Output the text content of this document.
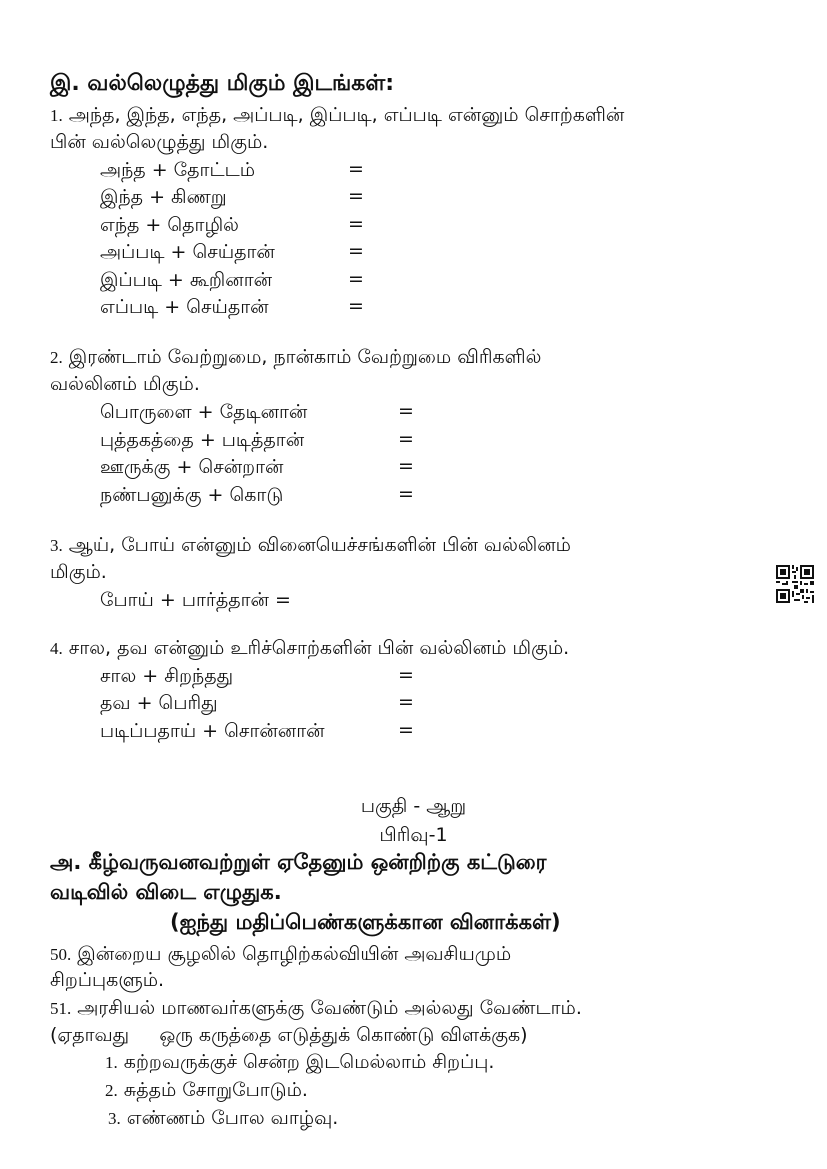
இ. வல்லெழுத்து மிகும் இடங்கள்:
1. அந்த, இந்த, எந்த, அப்படி, இப்படி, எப்படி என்னும் சொற்களின்
பின் வல்லெழுத்து மிகும்.
அந்த + தோட்டம்	=
இந்த + கிணறு	=
எந்த + தொழில்	=
அப்படி + செய்தான்	=
இப்படி + கூறினான்	=
எப்படி + செய்தான்	=
2. இரண்டாம் வேற்றுமை, நான்காம் வேற்றுமை விரிகளில்
வல்லினம் மிகும்.
பொருளை + தேடினான்	=
புத்தகத்தை + படித்தான்	=
ஊருக்கு + சென்றான்	=
நண்பனுக்கு + கொடு	=
3. ஆய், போய் என்னும் வினையெச்சங்களின் பின் வல்லினம்
மிகும்.
போய் + பார்த்தான் =
4. சால, தவ என்னும் உரிச்சொற்களின் பின் வல்லினம் மிகும்.
சால + சிறந்தது	=
தவ + பெரிது	=
படிப்பதாய் + சொன்னான்	=
பகுதி - ஆறு
பிரிவு-1
அ. கீழ்வருவனவற்றுள் ஏதேனும் ஒன்றிற்கு கட்டுரை
வடிவில் விடை எழுதுக.
(ஐந்து மதிப்பெண்களுக்கான வினாக்கள்)
50. இன்றைய சூழலில் தொழிற்கல்வியின் அவசியமும்
சிறப்புகளும்.
51. அரசியல் மாணவர்களுக்கு வேண்டும் அல்லது வேண்டாம்.
(ஏதாவது     ஒரு கருத்தை எடுத்துக் கொண்டு விளக்குக)
1. கற்றவருக்குச் சென்ற இடமெல்லாம் சிறப்பு.
2. சுத்தம் சோறுபோடும்.
3. எண்ணம் போல வாழ்வு.
